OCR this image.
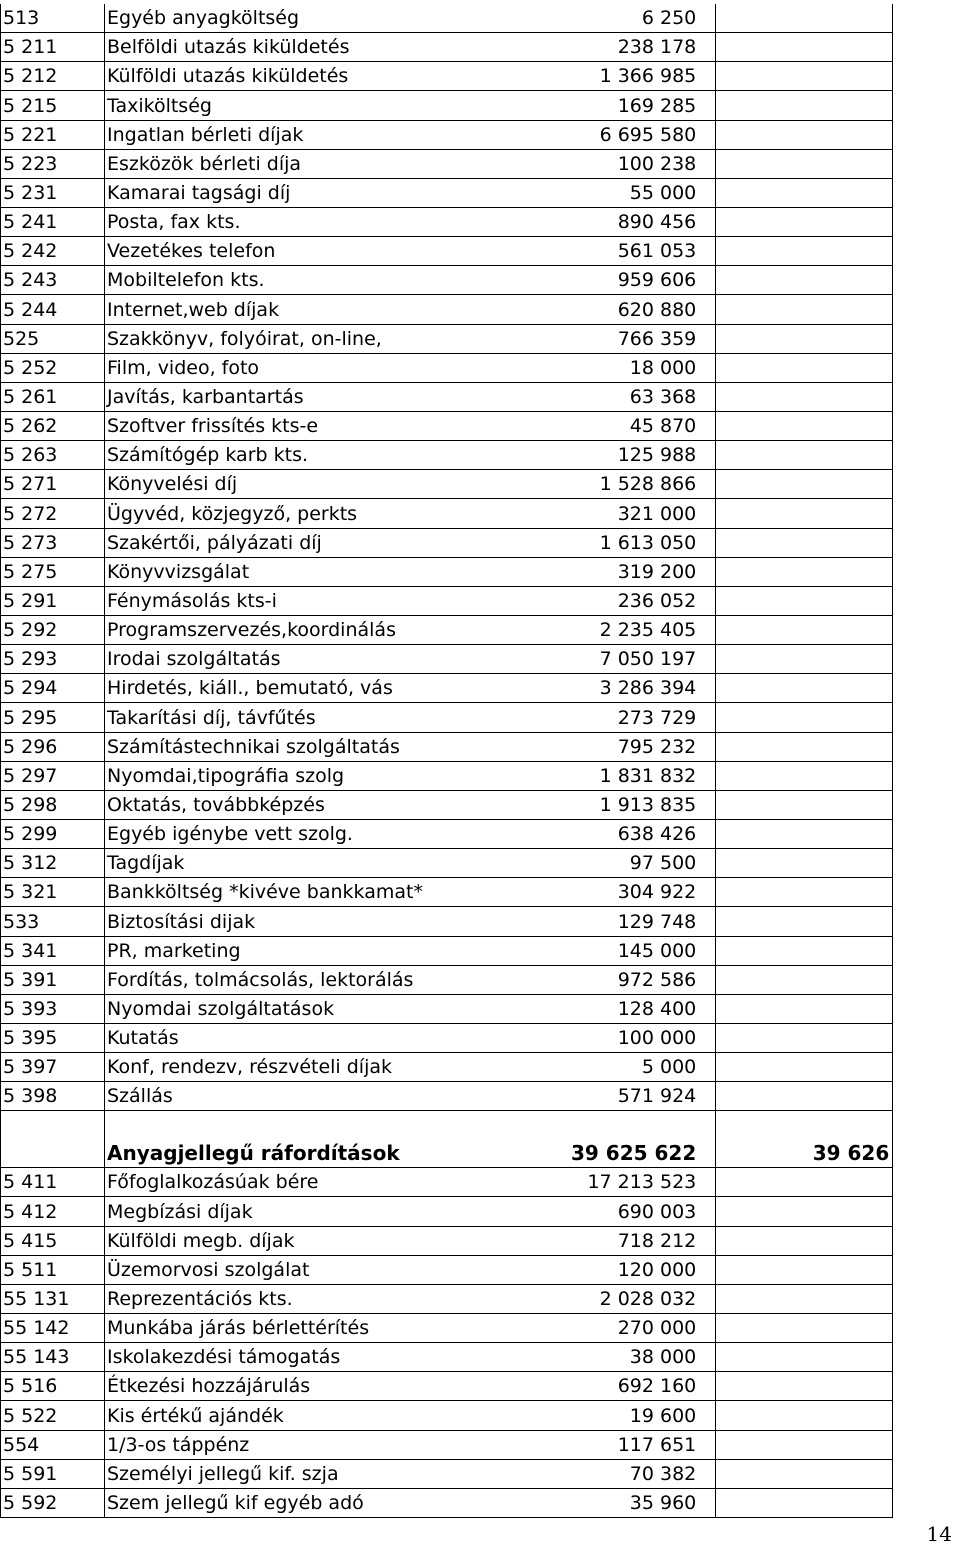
513	Egyéb anyagköltség	6 250	
5 211	Belföldi utazás kiküldetés	238 178	
5 212	Külföldi utazás kiküldetés	1 366 985	
5 215	Taxiköltség	169 285	
5 221	Ingatlan bérleti díjak	6 695 580	
5 223	Eszközök bérleti díja	100 238	
5 231	Kamarai tagsági díj	55 000	
5 241	Posta, fax kts.	890 456	
5 242	Vezetékes telefon	561 053	
5 243	Mobiltelefon kts.	959 606	
5 244	Internet,web díjak	620 880	
525	Szakkönyv, folyóirat, on-line,	766 359	
5 252	Film, video, foto	18 000	
5 261	Javítás, karbantartás	63 368	
5 262	Szoftver frissítés kts-e	45 870	
5 263	Számítógép karb kts.	125 988	
5 271	Könyvelési díj	1 528 866	
5 272	Ügyvéd, közjegyző, perkts	321 000	
5 273	Szakértői, pályázati díj	1 613 050	
5 275	Könyvvizsgálat	319 200	
5 291	Fénymásolás kts-i	236 052	
5 292	Programszervezés,koordinálás	2 235 405	
5 293	Irodai szolgáltatás	7 050 197	
5 294	Hirdetés, kiáll., bemutató, vás	3 286 394	
5 295	Takarítási díj, távfűtés	273 729	
5 296	Számítástechnikai szolgáltatás	795 232	
5 297	Nyomdai,tipográfia szolg	1 831 832	
5 298	Oktatás, továbbképzés	1 913 835	
5 299	Egyéb igénybe vett szolg.	638 426	
5 312	Tagdíjak	97 500	
5 321	Bankköltség *kivéve bankkamat*	304 922	
533	Biztosítási dijak	129 748	
5 341	PR, marketing	145 000	
5 391	Fordítás, tolmácsolás, lektorálás	972 586	
5 393	Nyomdai szolgáltatások	128 400	
5 395	Kutatás	100 000	
5 397	Konf, rendezv, részvételi díjak	5 000	
5 398	Szállás	571 924	
	Anyagjellegű ráfordítások	39 625 622	39 626
5 411	Főfoglalkozásúak bére	17 213 523	
5 412	Megbízási díjak	690 003	
5 415	Külföldi megb. díjak	718 212	
5 511	Üzemorvosi szolgálat	120 000	
55 131	Reprezentációs kts.	2 028 032	
55 142	Munkába járás bérlettérítés	270 000	
55 143	Iskolakezdési támogatás	38 000	
5 516	Étkezési hozzájárulás	692 160	
5 522	Kis értékű ajándék	19 600	
554	1/3-os táppénz	117 651	
5 591	Személyi jellegű kif. szja	70 382	
5 592	Szem jellegű kif egyéb adó	35 960	
14
